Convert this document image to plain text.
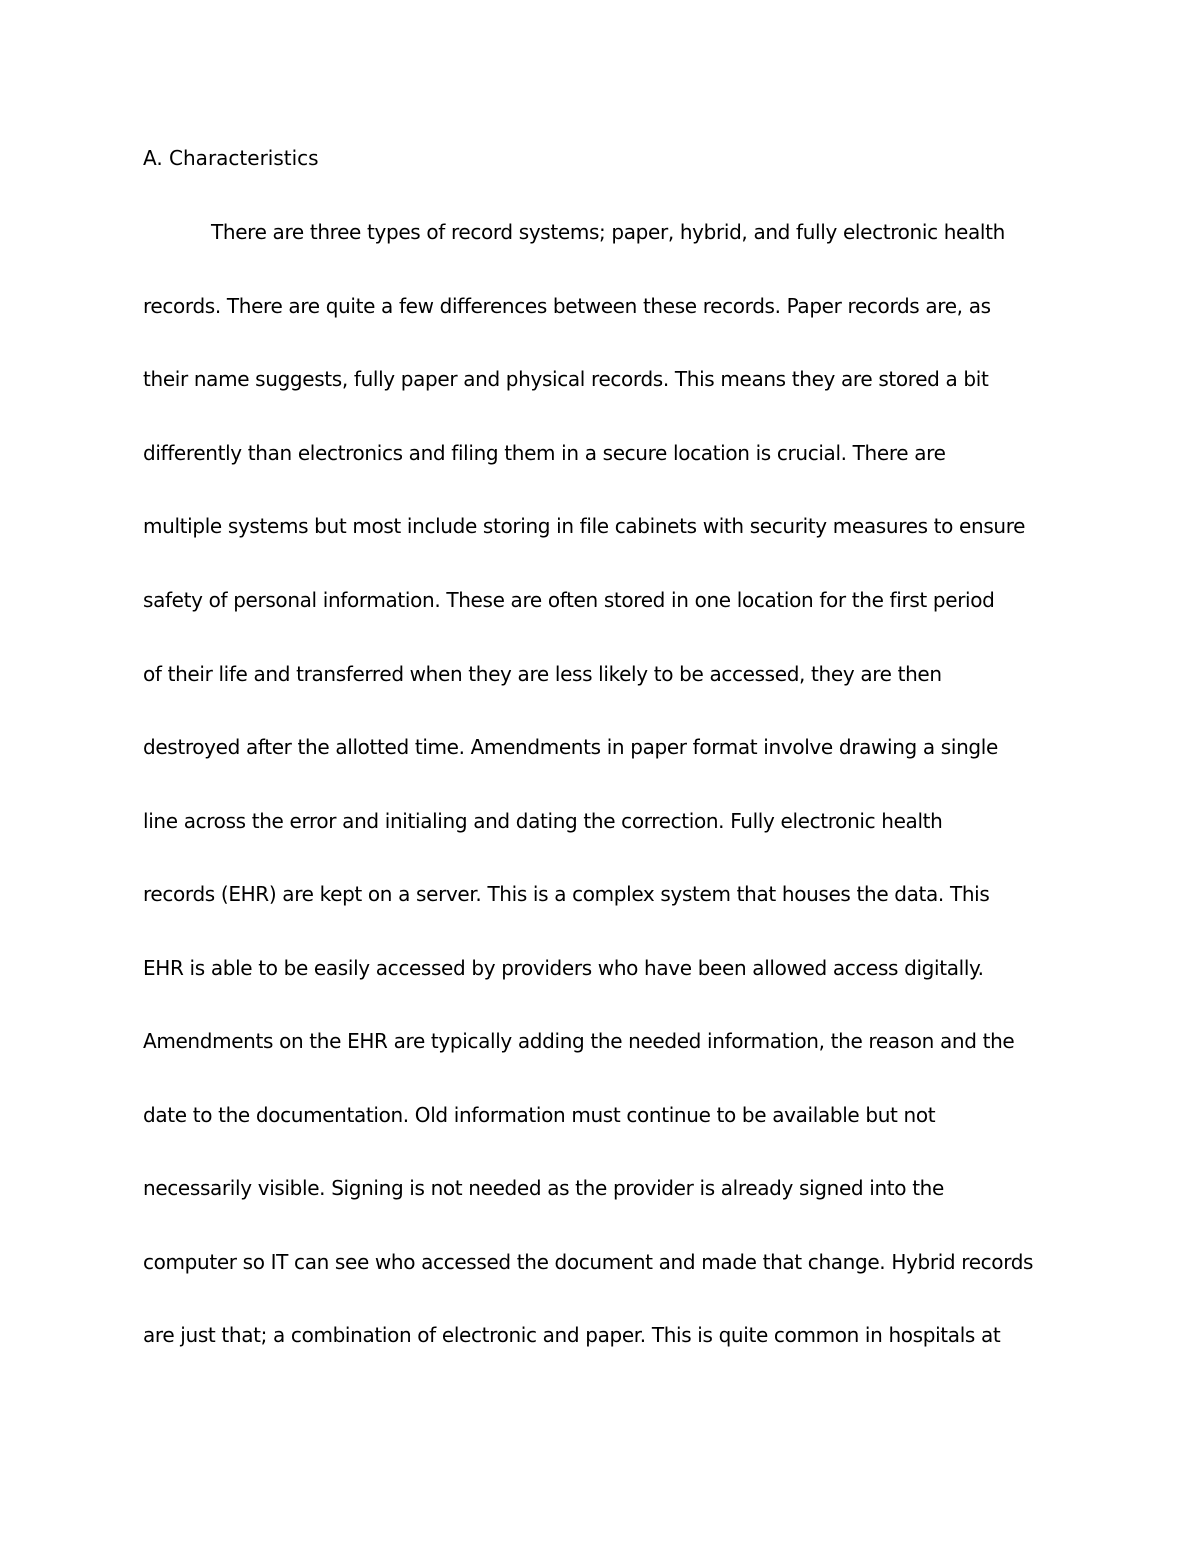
A. Characteristics
There are three types of record systems; paper, hybrid, and fully electronic health
records. There are quite a few differences between these records. Paper records are, as
their name suggests, fully paper and physical records. This means they are stored a bit
differently than electronics and filing them in a secure location is crucial. There are
multiple systems but most include storing in file cabinets with security measures to ensure
safety of personal information. These are often stored in one location for the first period
of their life and transferred when they are less likely to be accessed, they are then
destroyed after the allotted time. Amendments in paper format involve drawing a single
line across the error and initialing and dating the correction. Fully electronic health
records (EHR) are kept on a server. This is a complex system that houses the data. This
EHR is able to be easily accessed by providers who have been allowed access digitally.
Amendments on the EHR are typically adding the needed information, the reason and the
date to the documentation. Old information must continue to be available but not
necessarily visible. Signing is not needed as the provider is already signed into the
computer so IT can see who accessed the document and made that change. Hybrid records
are just that; a combination of electronic and paper. This is quite common in hospitals at
